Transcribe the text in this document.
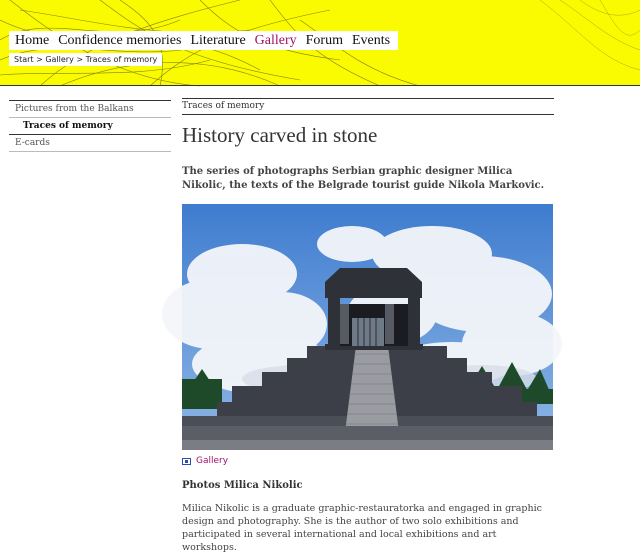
Home Confidence memories Literature Gallery Forum Events
Start > Gallery > Traces of memory
Pictures from the Balkans
Traces of memory
E-cards
Traces of memory
History carved in stone

The series of photographs Serbian graphic designer Milica Nikolic, the texts of the Belgrade tourist guide Nikola Markovic.

Gallery

Photos Milica Nikolic

Milica Nikolic is a graduate graphic-restauratorka and engaged in graphic design and photography. She is the author of two solo exhibitions and participated in several international and local exhibitions and art workshops.
